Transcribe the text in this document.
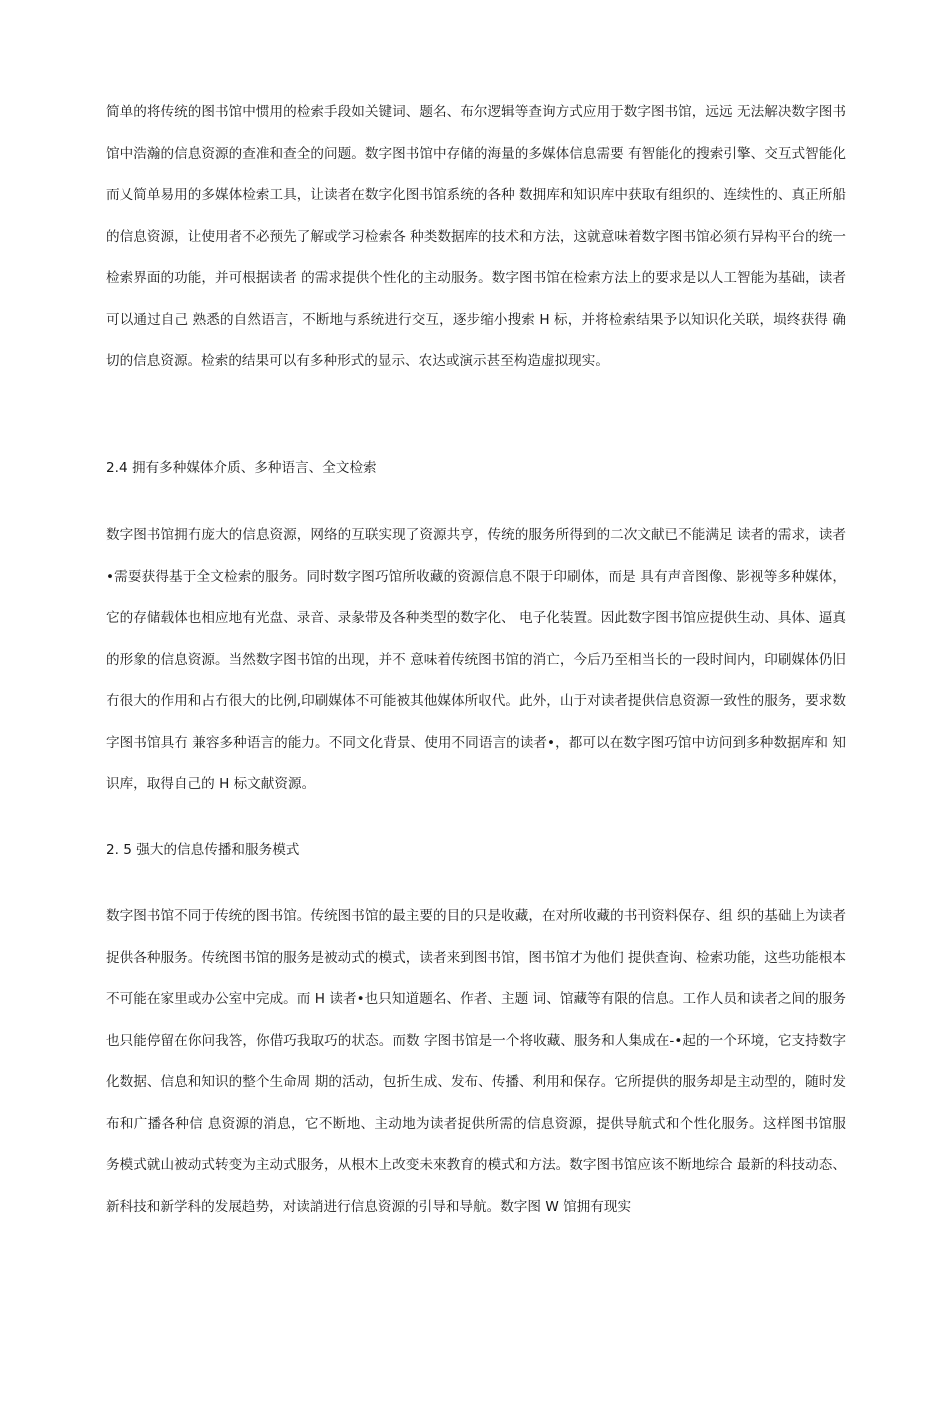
简单的将传统的图书馆中惯用的检索手段如关键词、题名、布尔逻辑等查询方式应用于数字图书馆，远远 无法解决数字图书馆中浩瀚的信息资源的查准和查全的问题。数字图书馆中存储的海量的多媒体信息需要 有智能化的搜索引擎、交互式智能化而乂简单易用的多媒体检索工具，让读者在数字化图书馆系统的各种 数拥库和知识库中获取有组织的、连续性的、真正所船的信息资源，让使用者不必预先了解或学习检索各 种类数据库的技术和方法，这就意味着数字图书馆必须冇异构平台的统一检索界面的功能，并可根据读者 的需求提供个性化的主动服务。数字图书馆在检索方法上的要求是以人工智能为基础，读者可以通过自己 熟悉的自然语言，不断地与系统进行交互，逐步缩小搜索 H 标，并将检索结果予以知识化关联，埙终获得 确切的信息资源。检索的结果可以有多种形式的显示、农达或演示甚至构造虚拟现实。

2.4 拥有多种媒体介质、多种语言、全文检索

数字图书馆拥冇庞大的信息资源，网络的互联实现了资源共亨，传统的服务所得到的二次文献已不能满足 读者的需求，读者•需耍获得基于全文检索的服务。同时数字图巧馆所收藏的资源信息不限于印刷体，而是 具有声音图像、影视等多种媒体，它的存储载体也相应地有光盘、录音、录彖带及各种类型的数字化、 电子化装置。因此数字图书馆应提供生动、具体、逼真的形象的信息资源。当然数字图书馆的出现，并不 意味着传统图书馆的消亡，今后乃至相当长的一段时间内，印刷媒体仍旧冇很大的作用和占冇很大的比例,印刷媒体不可能被其他媒体所収代。此外，山于对读者提供信息资源一致性的服务，要求数字图书馆具冇 兼容多种语言的能力。不同文化背景、使用不同语言的读者•，都可以在数字图巧馆中访问到多种数据库和 知识库，取得自己的 H 标文献资源。

2. 5 强大的信息传播和服务模式

数字图书馆不同于传统的图书馆。传统图书馆的最主要的目的只是收藏，在对所收藏的书刊资料保存、组 织的基础上为读者捉供各种服务。传统图书馆的服务是被动式的模式，读者来到图书馆，图书馆才为他们 提供查询、检索功能，这些功能根本不可能在家里或办公室中完成。而 H 读者•也只知道题名、作者、主题 词、馆藏等有限的信息。工作人员和读者之间的服务也只能停留在你问我答，你借巧我取巧的状态。而数 字图书馆是一个将收藏、服务和人集成在-•起的一个环境，它支持数字化数据、信息和知识的整个生命周 期的活动，包折生成、发布、传播、利用和保存。它所提供的服务却是主动型的，随时发布和广播各种信 息资源的消息，它不断地、主动地为读者捉供所需的信息资源，提供导航式和个性化服务。这样图书馆服 务模式就山被动式转变为主动式服务，从根木上改变未來教育的模式和方法。数字图书馆应该不断地综合 最新的科技动态、新科技和新学科的发展趋势，对读誚进行信息资源的引导和导航。数字图 W 馆拥有现实
